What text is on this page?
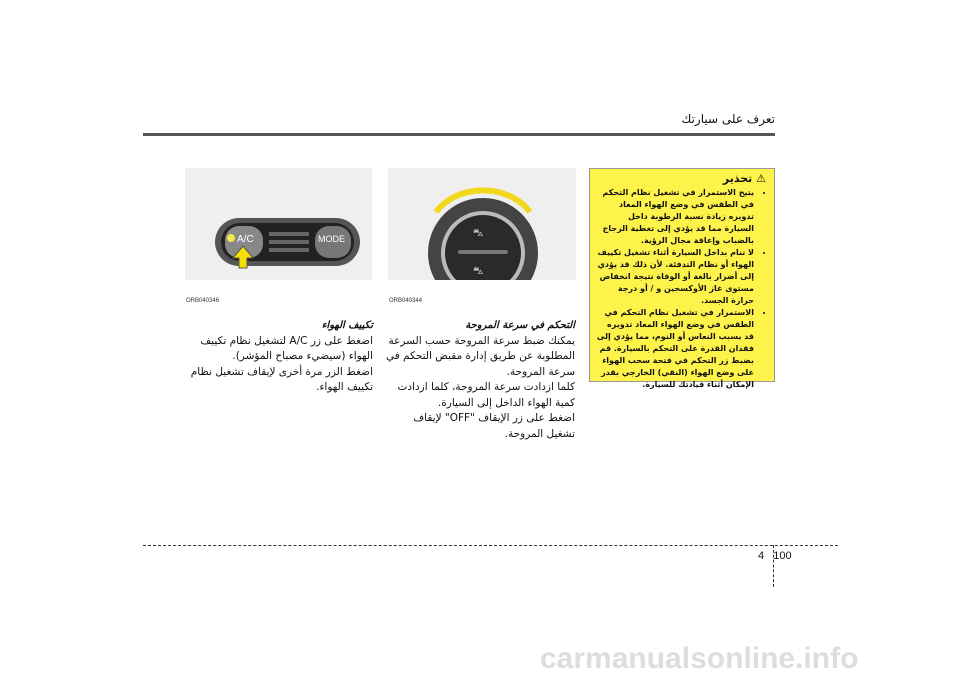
تعرف على سيارتك
A/C	MODE
ORB040346
⛍
⛍
ORB040344
تكييف الهواء
اضغط على زر A/C لتشغيل نظام تكييف الهواء (سيضيء مصباح المؤشر).
اضغط الزر مرة أخرى لإيقاف تشغيل نظام تكييف الهواء.
التحكم في سرعة المروحة
يمكنك ضبط سرعة المروحة حسب السرعة المطلوبة عن طريق إدارة مقبض التحكم في سرعة المروحة.
كلما ازدادت سرعة المروحة، كلما ازدادت كمية الهواء الداخل إلى السيارة.
اضغط على زر الإيقاف "OFF" لإيقاف تشغيل المروحة.
⚠ تحذير
• يتيح الاستمرار في تشغيل نظام التحكم في الطقس في وضع الهواء المعاد تدويره زيادة نسبة الرطوبة داخل السيارة مما قد يؤدي إلى تغطية الزجاج بالضباب وإعاقة مجال الرؤية.
• لا تنام بداخل السيارة أثناء تشغيل تكييف الهواء أو نظام التدفئة. لأن ذلك قد يؤدي إلى أضرار بالغة أو الوفاة نتيجة انخفاض مستوى غاز الأوكسجين و / أو درجة حرارة الجسد.
• الاستمرار في تشغيل نظام التحكم في الطقس في وضع الهواء المعاد تدويره قد يسبب النعاس أو النوم، مما يؤدي إلى فقدان القدرة على التحكم بالسيارة. قم بضبط زر التحكم في فتحة سحب الهواء على وضع الهواء (النقي) الخارجي بقدر الإمكان أثناء قيادتك للسيارة.
4 100
carmanualsonline.info
